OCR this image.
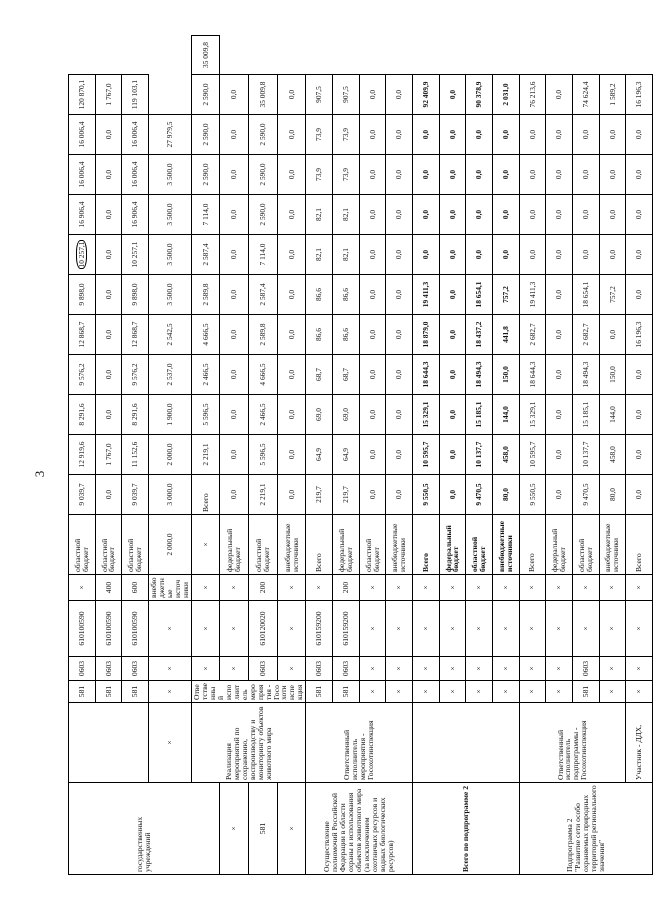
3
государственных учреждений		581	0603	610100590	×	областной бюджет	9 039,7	12 919,6	8 291,6	9 576,2	12 868,7	9 898,0	10 257,1	16 906,4	16 006,4	16 006,4	120 870,1	
		581	0603	610100590	400	областной бюджет	0,0	1 767,0	0,0	0,0	0,0	0,0	0,0	0,0	0,0	0,0	1 767,0	
		581	0603	610100590	600	областной бюджет	9 039,7	11 152,6	8 291,6	9 576,2	12 868,7	9 898,0	10 257,1	16 906,4	16 006,4	16 006,4	119 103,1	
	×	×	×	×	внебюджетные источники	2 000,0	3 000,0	2 000,0	1 900,0	2 537,0	2 542,5	3 500,0	3 500,0	3 500,0	3 500,0	27 979,5		
	Реализация мероприятий по сохранению, воспроизводству и мониторингу объектов животного мира	Ответственный исполнитель мероприятия - Госохотинспекция	×	×	×	×	Всего	2 219,1	5 596,5	2 466,5	4 666,5	2 589,8	2 587,4	7 114,0	2 590,0	2 590,0	2 590,0	35 009,8
×			×	×	×	федеральный бюджет	0,0	0,0	0,0	0,0	0,0	0,0	0,0	0,0	0,0	0,0	0,0	
581			0603	610120020	200	областной бюджет	2 219,1	5 596,5	2 466,5	4 666,5	2 589,8	2 587,4	7 114,0	2 590,0	2 590,0	2 590,0	35 009,8	
×			×	×	×	внебюджетные источники	0,0	0,0	0,0	0,0	0,0	0,0	0,0	0,0	0,0	0,0	0,0	
Осуществление полномочий Российской Федерации в области охраны и использования объектов животного мира (за исключением охотничьих ресурсов и водных биологических ресурсов)	Ответственный исполнитель мероприятия - Госохотинспекция	581	0603	610159200	×	Всего	219,7	64,9	69,0	68,7	86,6	86,6	82,1	82,1	73,9	73,9	907,5	
		581	0603	610159200	200	федеральный бюджет	219,7	64,9	69,0	68,7	86,6	86,6	82,1	82,1	73,9	73,9	907,5	
		×	×	×	×	областной бюджет	0,0	0,0	0,0	0,0	0,0	0,0	0,0	0,0	0,0	0,0	0,0	
		×	×	×	×	внебюджетные источники	0,0	0,0	0,0	0,0	0,0	0,0	0,0	0,0	0,0	0,0	0,0	
Всего по подпрограмме 2		×	×	×	×	Всего	9 550,5	10 595,7	15 329,1	18 644,3	18 879,0	19 411,3	0,0	0,0	0,0	0,0	92 409,9	
		×	×	×	×	федеральный бюджет	0,0	0,0	0,0	0,0	0,0	0,0	0,0	0,0	0,0	0,0	0,0	
		×	×	×	×	областной бюджет	9 470,5	10 137,7	15 185,1	18 494,3	18 437,2	18 654,1	0,0	0,0	0,0	0,0	90 378,9	
		×	×	×	×	внебюджетные источники	80,0	458,0	144,0	150,0	441,8	757,2	0,0	0,0	0,0	0,0	2 031,0	
Подпрограмма 2 "Развитие сети особо охраняемых природных территорий регионального значения"	Ответственный исполнитель подпрограммы - Госохотинспекция	×	×	×	×	Всего	9 550,5	10 595,7	15 329,1	18 644,3	2 682,7	19 411,3	0,0	0,0	0,0	0,0	76 213,6	
		×	×	×	×	федеральный бюджет	0,0	0,0	0,0	0,0	0,0	0,0	0,0	0,0	0,0	0,0	0,0	
		581	0603	×	×	областной бюджет	9 470,5	10 137,7	15 185,1	18 494,3	2 682,7	18 654,1	0,0	0,0	0,0	0,0	74 624,4	
		×	×	×	×	внебюджетные источники	80,0	458,0	144,0	150,0	0,0	757,2	0,0	0,0	0,0	0,0	1 589,2	
	Участник - ДДХ,	×	×	×	×	Всего	0,0	0,0	0,0	0,0	16 196,3	0,0	0,0	0,0	0,0	0,0	16 196,3	
